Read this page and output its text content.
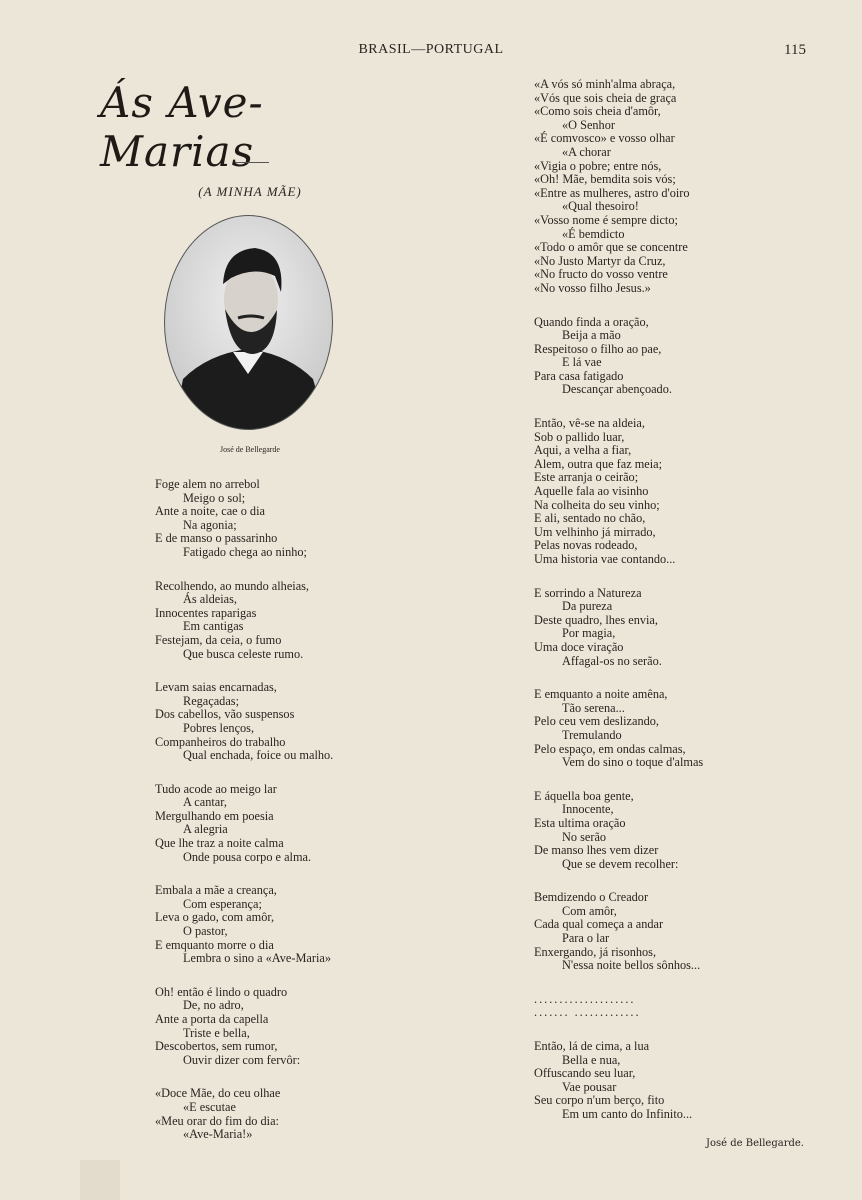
BRASIL—PORTUGAL	115
Ás Ave-Marias
(A MINHA MÃE)
José de Bellegarde
Foge alem no arrebol
Meigo o sol;
Ante a noite, cae o dia
Na agonia;
E de manso o passarinho
Fatigado chega ao ninho;
Recolhendo, ao mundo alheias,
Ás aldeias,
Innocentes raparigas
Em cantigas
Festejam, da ceia, o fumo
Que busca celeste rumo.
Levam saias encarnadas,
Regaçadas;
Dos cabellos, vão suspensos
Pobres lenços,
Companheiros do trabalho
Qual enchada, foice ou malho.
Tudo acode ao meigo lar
A cantar,
Mergulhando em poesia
A alegria
Que lhe traz a noite calma
Onde pousa corpo e alma.
Embala a mãe a creança,
Com esperança;
Leva o gado, com amôr,
O pastor,
E emquanto morre o dia
Lembra o sino a «Ave-Maria»
Oh! então é lindo o quadro
De, no adro,
Ante a porta da capella
Triste e bella,
Descobertos, sem rumor,
Ouvir dizer com fervôr:
«Doce Mãe, do ceu olhae
«E escutae
«Meu orar do fim do dia:
«Ave-Maria!»
«A vós só minh'alma abraça,
«Vós que sois cheia de graça
«Como sois cheia d'amôr,
«O Senhor
«É comvosco» e vosso olhar
«A chorar
«Vigia o pobre; entre nós,
«Oh! Mãe, bemdita sois vós;
«Entre as mulheres, astro d'oiro
«Qual thesoiro!
«Vosso nome é sempre dicto;
«É bemdicto
«Todo o amôr que se concentre
«No Justo Martyr da Cruz,
«No fructo do vosso ventre
«No vosso filho Jesus.»
Quando finda a oração,
Beija a mão
Respeitoso o filho ao pae,
E lá vae
Para casa fatigado
Descançar abençoado.
Então, vê-se na aldeia,
Sob o pallido luar,
Aqui, a velha a fiar,
Alem, outra que faz meia;
Este arranja o ceirão;
Aquelle fala ao visinho
Na colheita do seu vinho;
E ali, sentado no chão,
Um velhinho já mirrado,
Pelas novas rodeado,
Uma historia vae contando...
E sorrindo a Natureza
Da pureza
Deste quadro, lhes envia,
Por magia,
Uma doce viração
Affagal-os no serão.
E emquanto a noite amêna,
Tão serena...
Pelo ceu vem deslizando,
Tremulando
Pelo espaço, em ondas calmas,
Vem do sino o toque d'almas
E áquella boa gente,
Innocente,
Esta ultima oração
No serão
De manso lhes vem dizer
Que se devem recolher:
Bemdizendo o Creador
Com amôr,
Cada qual começa a andar
Para o lar
Enxergando, já risonhos,
N'essa noite bellos sônhos...
....................
....... .............
Então, lá de cima, a lua
Bella e nua,
Offuscando seu luar,
Vae pousar
Seu corpo n'um berço, fito
Em um canto do Infinito...
José de Bellegarde.
